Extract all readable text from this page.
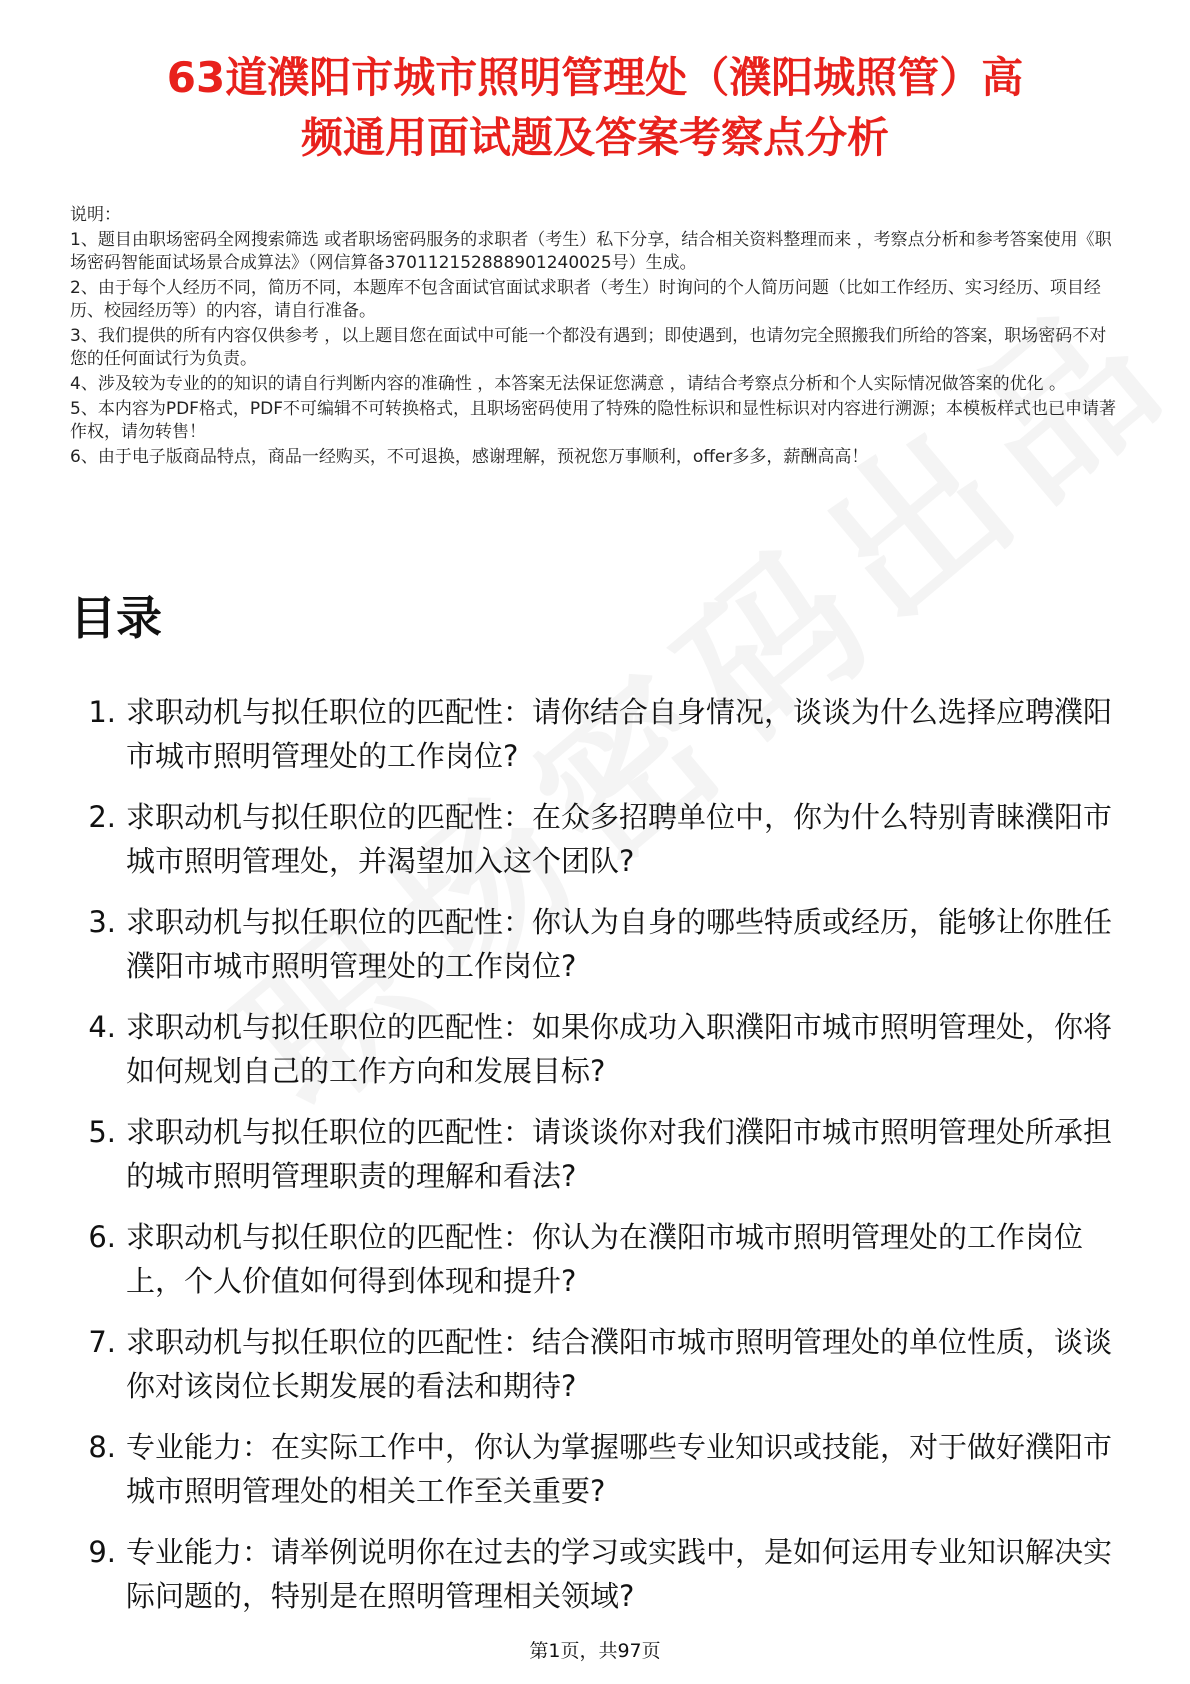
63道濮阳市城市照明管理处（濮阳城照管）高
频通用面试题及答案考察点分析

说明：

1、题目由职场密码全网搜索筛选 或者职场密码服务的求职者（考生）私下分享，结合相关资料整理而来 ，考察点分析和参考答案使用《职场密码智能面试场景合成算法》（网信算备370112152888901240025号）生成。

2、由于每个人经历不同，简历不同，本题库不包含面试官面试求职者（考生）时询问的个人简历问题（比如工作经历、实习经历、项目经历、校园经历等）的内容，请自行准备。

3、我们提供的所有内容仅供参考 ，以上题目您在面试中可能一个都没有遇到；即使遇到，也请勿完全照搬我们所给的答案，职场密码不对您的任何面试行为负责。

4、涉及较为专业的的知识的请自行判断内容的准确性 ，本答案无法保证您满意 ，请结合考察点分析和个人实际情况做答案的优化 。

5、本内容为PDF格式，PDF不可编辑不可转换格式，且职场密码使用了特殊的隐性标识和显性标识对内容进行溯源；本模板样式也已申请著作权，请勿转售！

6、由于电子版商品特点，商品一经购买，不可退换，感谢理解，预祝您万事顺利，offer多多，薪酬高高！

目录
1. 求职动机与拟任职位的匹配性：请你结合自身情况，谈谈为什么选择应聘濮阳市城市照明管理处的工作岗位?
2. 求职动机与拟任职位的匹配性：在众多招聘单位中，你为什么特别青睐濮阳市城市照明管理处，并渴望加入这个团队?
3. 求职动机与拟任职位的匹配性：你认为自身的哪些特质或经历，能够让你胜任濮阳市城市照明管理处的工作岗位?
4. 求职动机与拟任职位的匹配性：如果你成功入职濮阳市城市照明管理处，你将如何规划自己的工作方向和发展目标?
5. 求职动机与拟任职位的匹配性：请谈谈你对我们濮阳市城市照明管理处所承担的城市照明管理职责的理解和看法?
6. 求职动机与拟任职位的匹配性：你认为在濮阳市城市照明管理处的工作岗位上，个人价值如何得到体现和提升?
7. 求职动机与拟任职位的匹配性：结合濮阳市城市照明管理处的单位性质，谈谈你对该岗位长期发展的看法和期待?
8. 专业能力：在实际工作中，你认为掌握哪些专业知识或技能，对于做好濮阳市城市照明管理处的相关工作至关重要?
9. 专业能力：请举例说明你在过去的学习或实践中，是如何运用专业知识解决实际问题的，特别是在照明管理相关领域?
第1页，共97页
